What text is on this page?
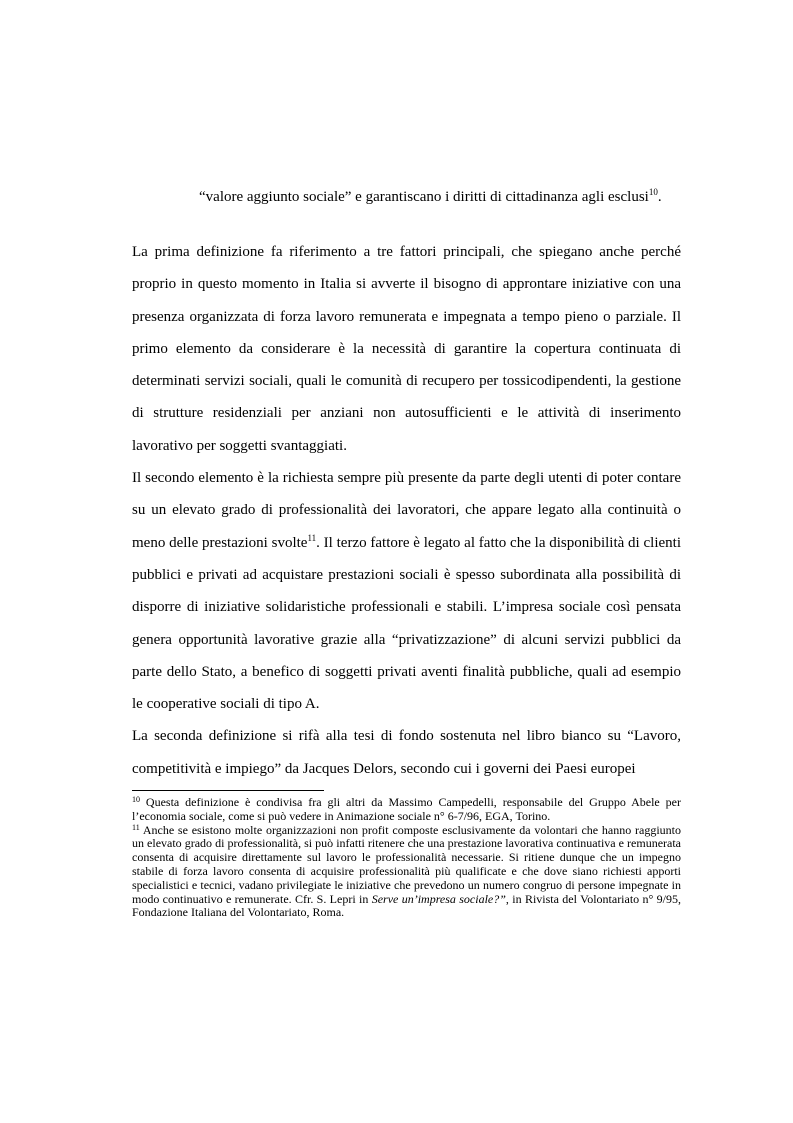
“valore aggiunto sociale” e garantiscano i diritti di cittadinanza agli esclusi$^{10}$.

La prima definizione fa riferimento a tre fattori principali, che spiegano anche perché proprio in questo momento in Italia si avverte il bisogno di approntare iniziative con una presenza organizzata di forza lavoro remunerata e impegnata a tempo pieno o parziale. Il primo elemento da considerare è la necessità di garantire la copertura continuata di determinati servizi sociali, quali le comunità di recupero per tossicodipendenti, la gestione di strutture residenziali per anziani non autosufficienti e le attività di inserimento lavorativo per soggetti svantaggiati.

Il secondo elemento è la richiesta sempre più presente da parte degli utenti di poter contare su un elevato grado di professionalità dei lavoratori, che appare legato alla continuità o meno delle prestazioni svolte$^{11}$. Il terzo fattore è legato al fatto che la disponibilità di clienti pubblici e privati ad acquistare prestazioni sociali è spesso subordinata alla possibilità di disporre di iniziative solidaristiche professionali e stabili. L’impresa sociale così pensata genera opportunità lavorative grazie alla “privatizzazione” di alcuni servizi pubblici da parte dello Stato, a benefico di soggetti privati aventi finalità pubbliche, quali ad esempio le cooperative sociali di tipo A.

La seconda definizione si rifà alla tesi di fondo sostenuta nel libro bianco su “Lavoro, competitività e impiego” da Jacques Delors, secondo cui i governi dei Paesi europei

$^{10}$ Questa definizione è condivisa fra gli altri da Massimo Campedelli, responsabile del Gruppo Abele per l’economia sociale, come si può vedere in Animazione sociale n° 6-7/96, EGA, Torino.

$^{11}$ Anche se esistono molte organizzazioni non profit composte esclusivamente da volontari che hanno raggiunto un elevato grado di professionalità, si può infatti ritenere che una prestazione lavorativa continuativa e remunerata consenta di acquisire direttamente sul lavoro le professionalità necessarie. Si ritiene dunque che un impegno stabile di forza lavoro consenta di acquisire professionalità più qualificate e che dove siano richiesti apporti specialistici e tecnici, vadano privilegiate le iniziative che prevedono un numero congruo di persone impegnate in modo continuativo e remunerate. Cfr. S. Lepri in Serve un’impresa sociale?”, in Rivista del Volontariato n° 9/95, Fondazione Italiana del Volontariato, Roma.
